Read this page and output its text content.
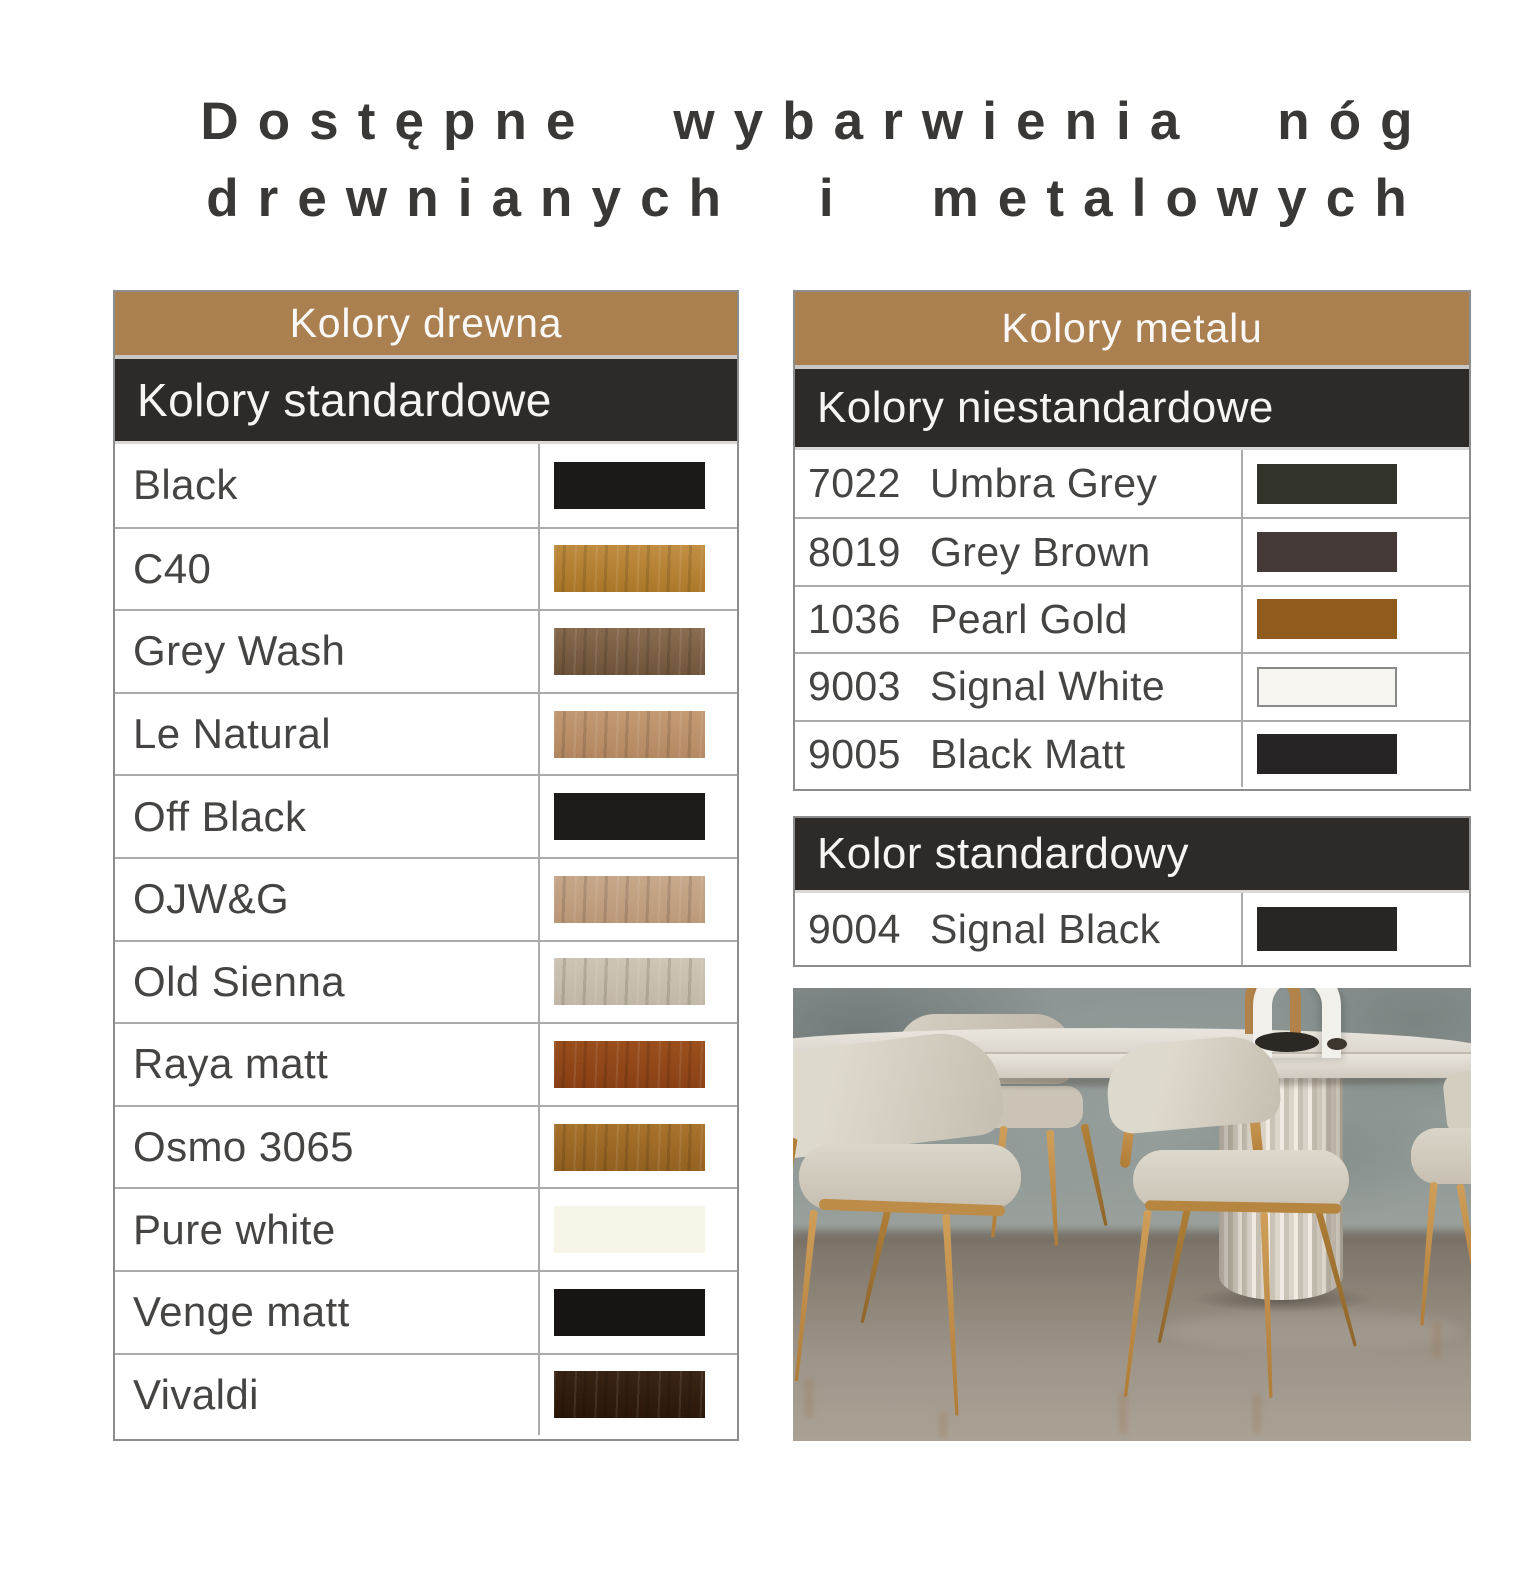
Dostępne wybarwienia nóg
drewnianych i metalowych
Kolory drewna
Kolory standardowe
Black
C40
Grey Wash
Le Natural
Off Black
OJW&G
Old Sienna
Raya matt
Osmo 3065
Pure white
Venge matt
Vivaldi
Kolory metalu
Kolory niestandardowe
7022 Umbra Grey
8019 Grey Brown
1036 Pearl Gold
9003 Signal White
9005 Black Matt
Kolor standardowy
9004 Signal Black
